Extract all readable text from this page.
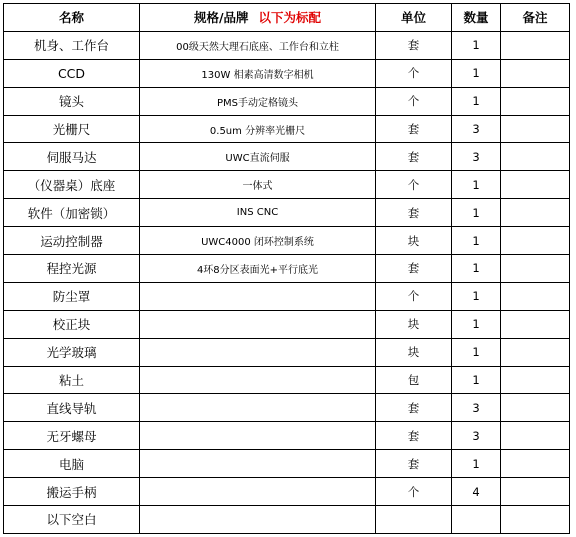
名称	规格/品牌 以下为标配	单位	数量	备注
机身、工作台	00级天然大理石底座、工作台和立柱	套	1	
CCD	130W 相素高清数字相机	个	1	
镜头	PMS手动定格镜头	个	1	
光栅尺	0.5um 分辨率光栅尺	套	3	
伺服马达	UWC直流伺服	套	3	
（仪器桌）底座	一体式	个	1	
软件（加密锁）	INS CNC	套	1	
运动控制器	UWC4000 闭环控制系统	块	1	
程控光源	4环8分区表面光+平行底光	套	1	
防尘罩		个	1	
校正块		块	1	
光学玻璃		块	1	
粘土		包	1	
直线导轨		套	3	
无牙螺母		套	3	
电脑		套	1	
搬运手柄		个	4	
以下空白				
